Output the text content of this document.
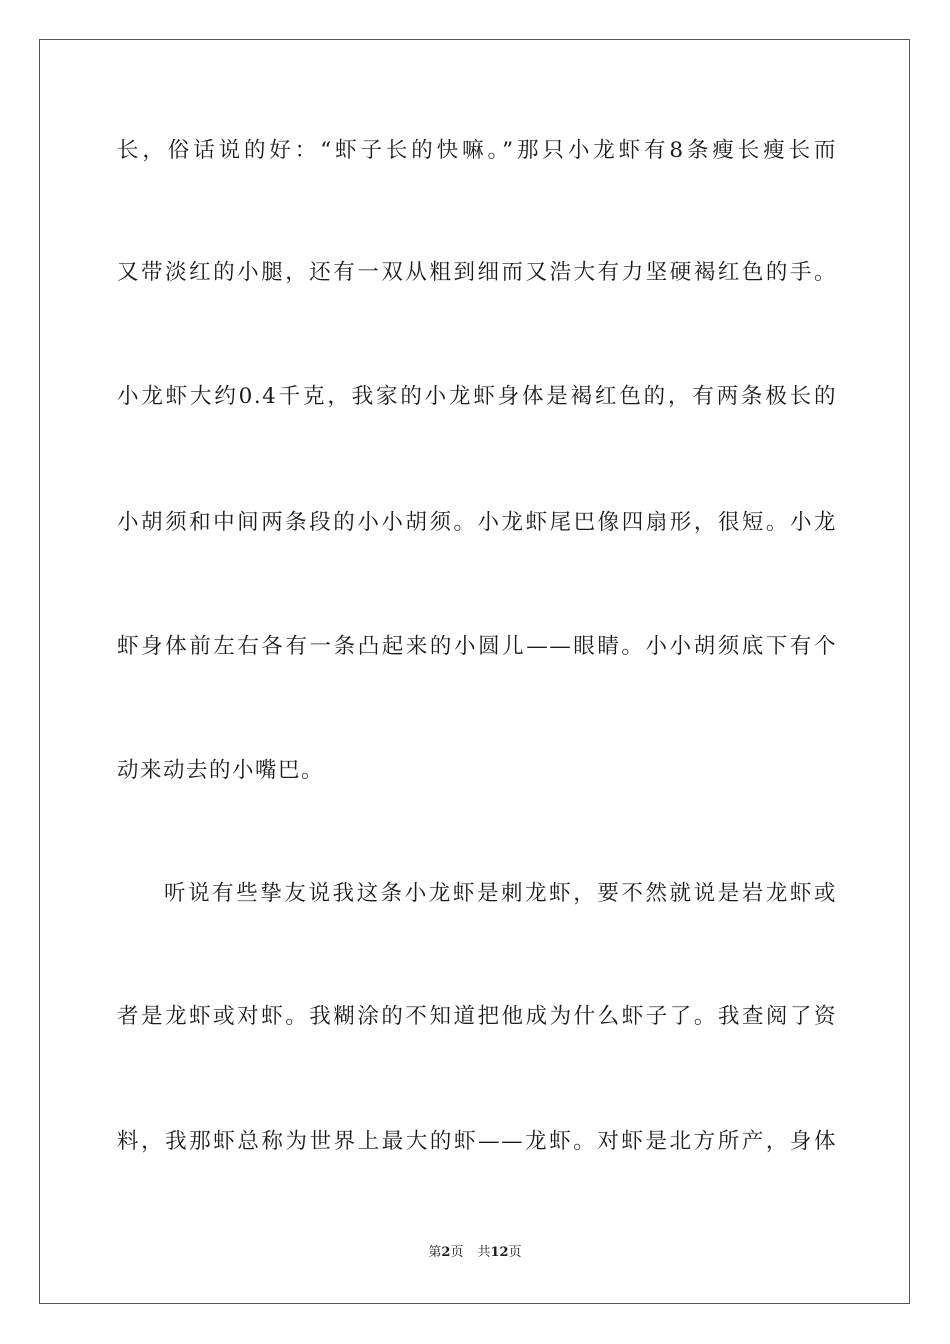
长，俗话说的好：“虾子长的快嘛。”那只小龙虾有8条瘦长瘦长而
又带淡红的小腿，还有一双从粗到细而又浩大有力坚硬褐红色的手。
小龙虾大约0.4千克，我家的小龙虾身体是褐红色的，有两条极长的
小胡须和中间两条段的小小胡须。小龙虾尾巴像四扇形，很短。小龙
虾身体前左右各有一条凸起来的小圆儿——眼睛。小小胡须底下有个
动来动去的小嘴巴。
听说有些挚友说我这条小龙虾是刺龙虾，要不然就说是岩龙虾或
者是龙虾或对虾。我糊涂的不知道把他成为什么虾子了。我查阅了资
料，我那虾总称为世界上最大的虾——龙虾。对虾是北方所产，身体
第2页 共12页
